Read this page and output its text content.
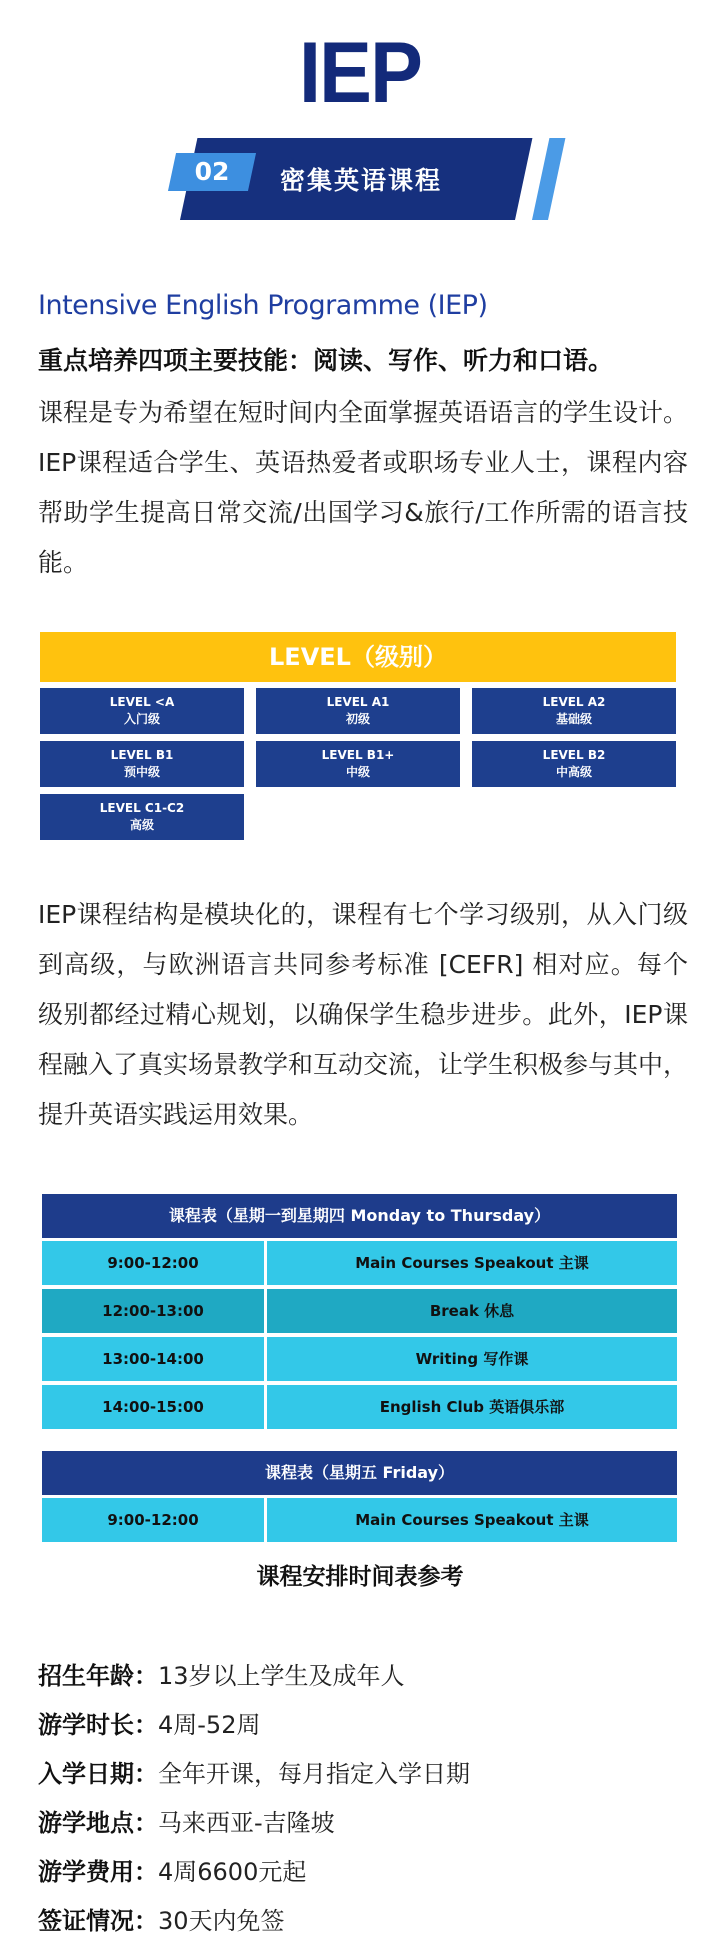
IEP
02	密集英语课程
Intensive English Programme (IEP)
重点培养四项主要技能：阅读、写作、听力和口语。
课程是专为希望在短时间内全面掌握英语语言的学生设计。IEP课程适合学生、英语热爱者或职场专业人士，课程内容帮助学生提高日常交流/出国学习&旅行/工作所需的语言技能。
LEVEL（级别）
LEVEL <A
入门级
LEVEL A1
初级
LEVEL A2
基础级
LEVEL B1
预中级
LEVEL B1+
中级
LEVEL B2
中高级
LEVEL C1-C2
高级
IEP课程结构是模块化的，课程有七个学习级别，从入门级到高级，与欧洲语言共同参考标准 [CEFR] 相对应。每个级别都经过精心规划，以确保学生稳步进步。此外，IEP课程融入了真实场景教学和互动交流，让学生积极参与其中，提升英语实践运用效果。
课程表（星期一到星期四 Monday to Thursday）
9:00-12:00	Main Courses Speakout 主课
12:00-13:00	Break 休息
13:00-14:00	Writing 写作课
14:00-15:00	English Club 英语俱乐部
课程表（星期五 Friday）
9:00-12:00	Main Courses Speakout 主课
课程安排时间表参考
招生年龄：13岁以上学生及成年人
游学时长：4周-52周
入学日期：全年开课，每月指定入学日期
游学地点：马来西亚-吉隆坡
游学费用：4周6600元起
签证情况：30天内免签
